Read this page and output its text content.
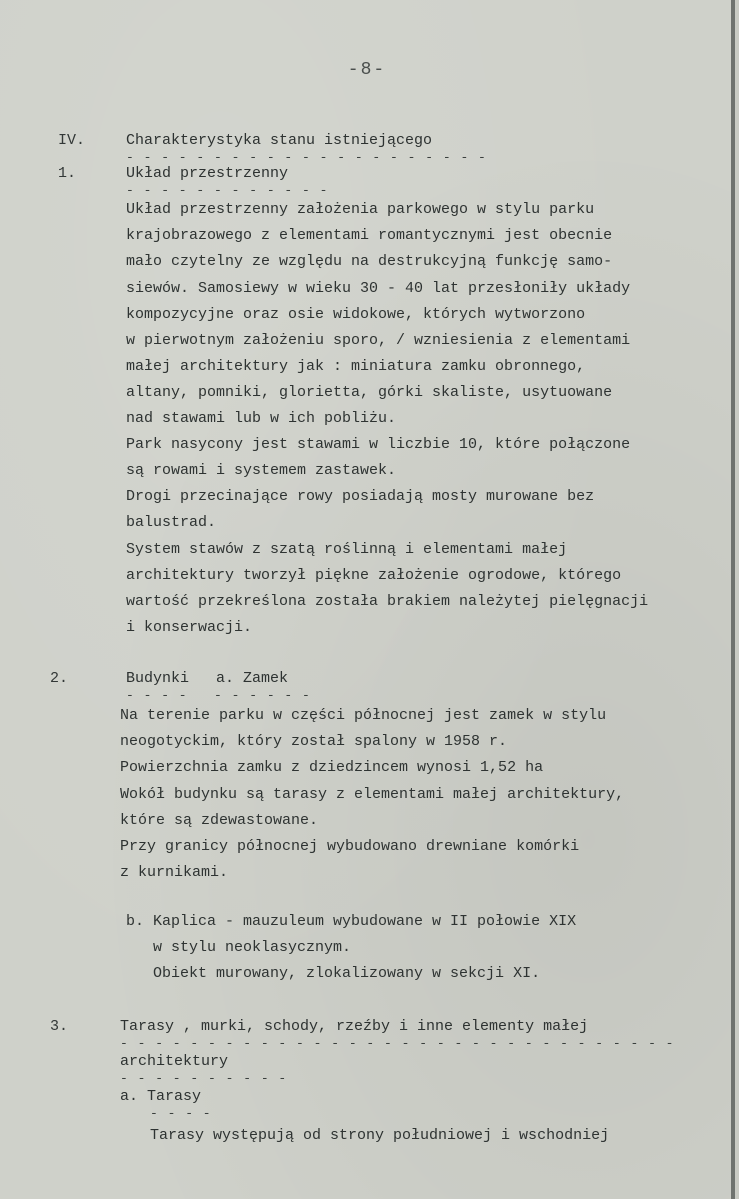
-8-
IV.	Charakterystyka stanu istniejącego
- - - - - - - - - - - - - - - - - - - - -
1.	Układ przestrzenny
- - - - - - - - - - - -
Układ przestrzenny założenia parkowego w stylu parku
krajobrazowego z elementami romantycznymi jest obecnie
mało czytelny ze względu na destrukcyjną funkcję samo-
siewów. Samosiewy w wieku 30 - 40 lat przesłoniły układy
kompozycyjne oraz osie widokowe, których wytworzono
w pierwotnym założeniu sporo, / wzniesienia z elementami
małej architektury jak : miniatura zamku obronnego,
altany, pomniki, glorietta, górki skaliste, usytuowane
nad stawami lub w ich pobliżu.
Park nasycony jest stawami w liczbie 10, które połączone
są rowami i systemem zastawek.
Drogi przecinające rowy posiadają mosty murowane bez
balustrad.
System stawów z szatą roślinną i elementami małej
architektury tworzył piękne założenie ogrodowe, którego
wartość przekreślona została brakiem należytej pielęgnacji
i konserwacji.
2.	Budynki   a. Zamek
- - - -   - - - - - -
Na terenie parku w części północnej jest zamek w stylu
neogotyckim, który został spalony w 1958 r.
Powierzchnia zamku z dziedzincem wynosi 1,52 ha
Wokół budynku są tarasy z elementami małej architektury,
które są zdewastowane.
Przy granicy północnej wybudowano drewniane komórki
z kurnikami.
b. Kaplica - mauzuleum wybudowane w II połowie XIX
w stylu neoklasycznym.
Obiekt murowany, zlokalizowany w sekcji XI.
3.	Tarasy , murki, schody, rzeźby i inne elementy małej
- - - - - - - - - - - - - - - - - - - - - - - - - - - - - - - -
architektury
- - - - - - - - - -
a. Tarasy
- - - -
Tarasy występują od strony południowej i wschodniej
